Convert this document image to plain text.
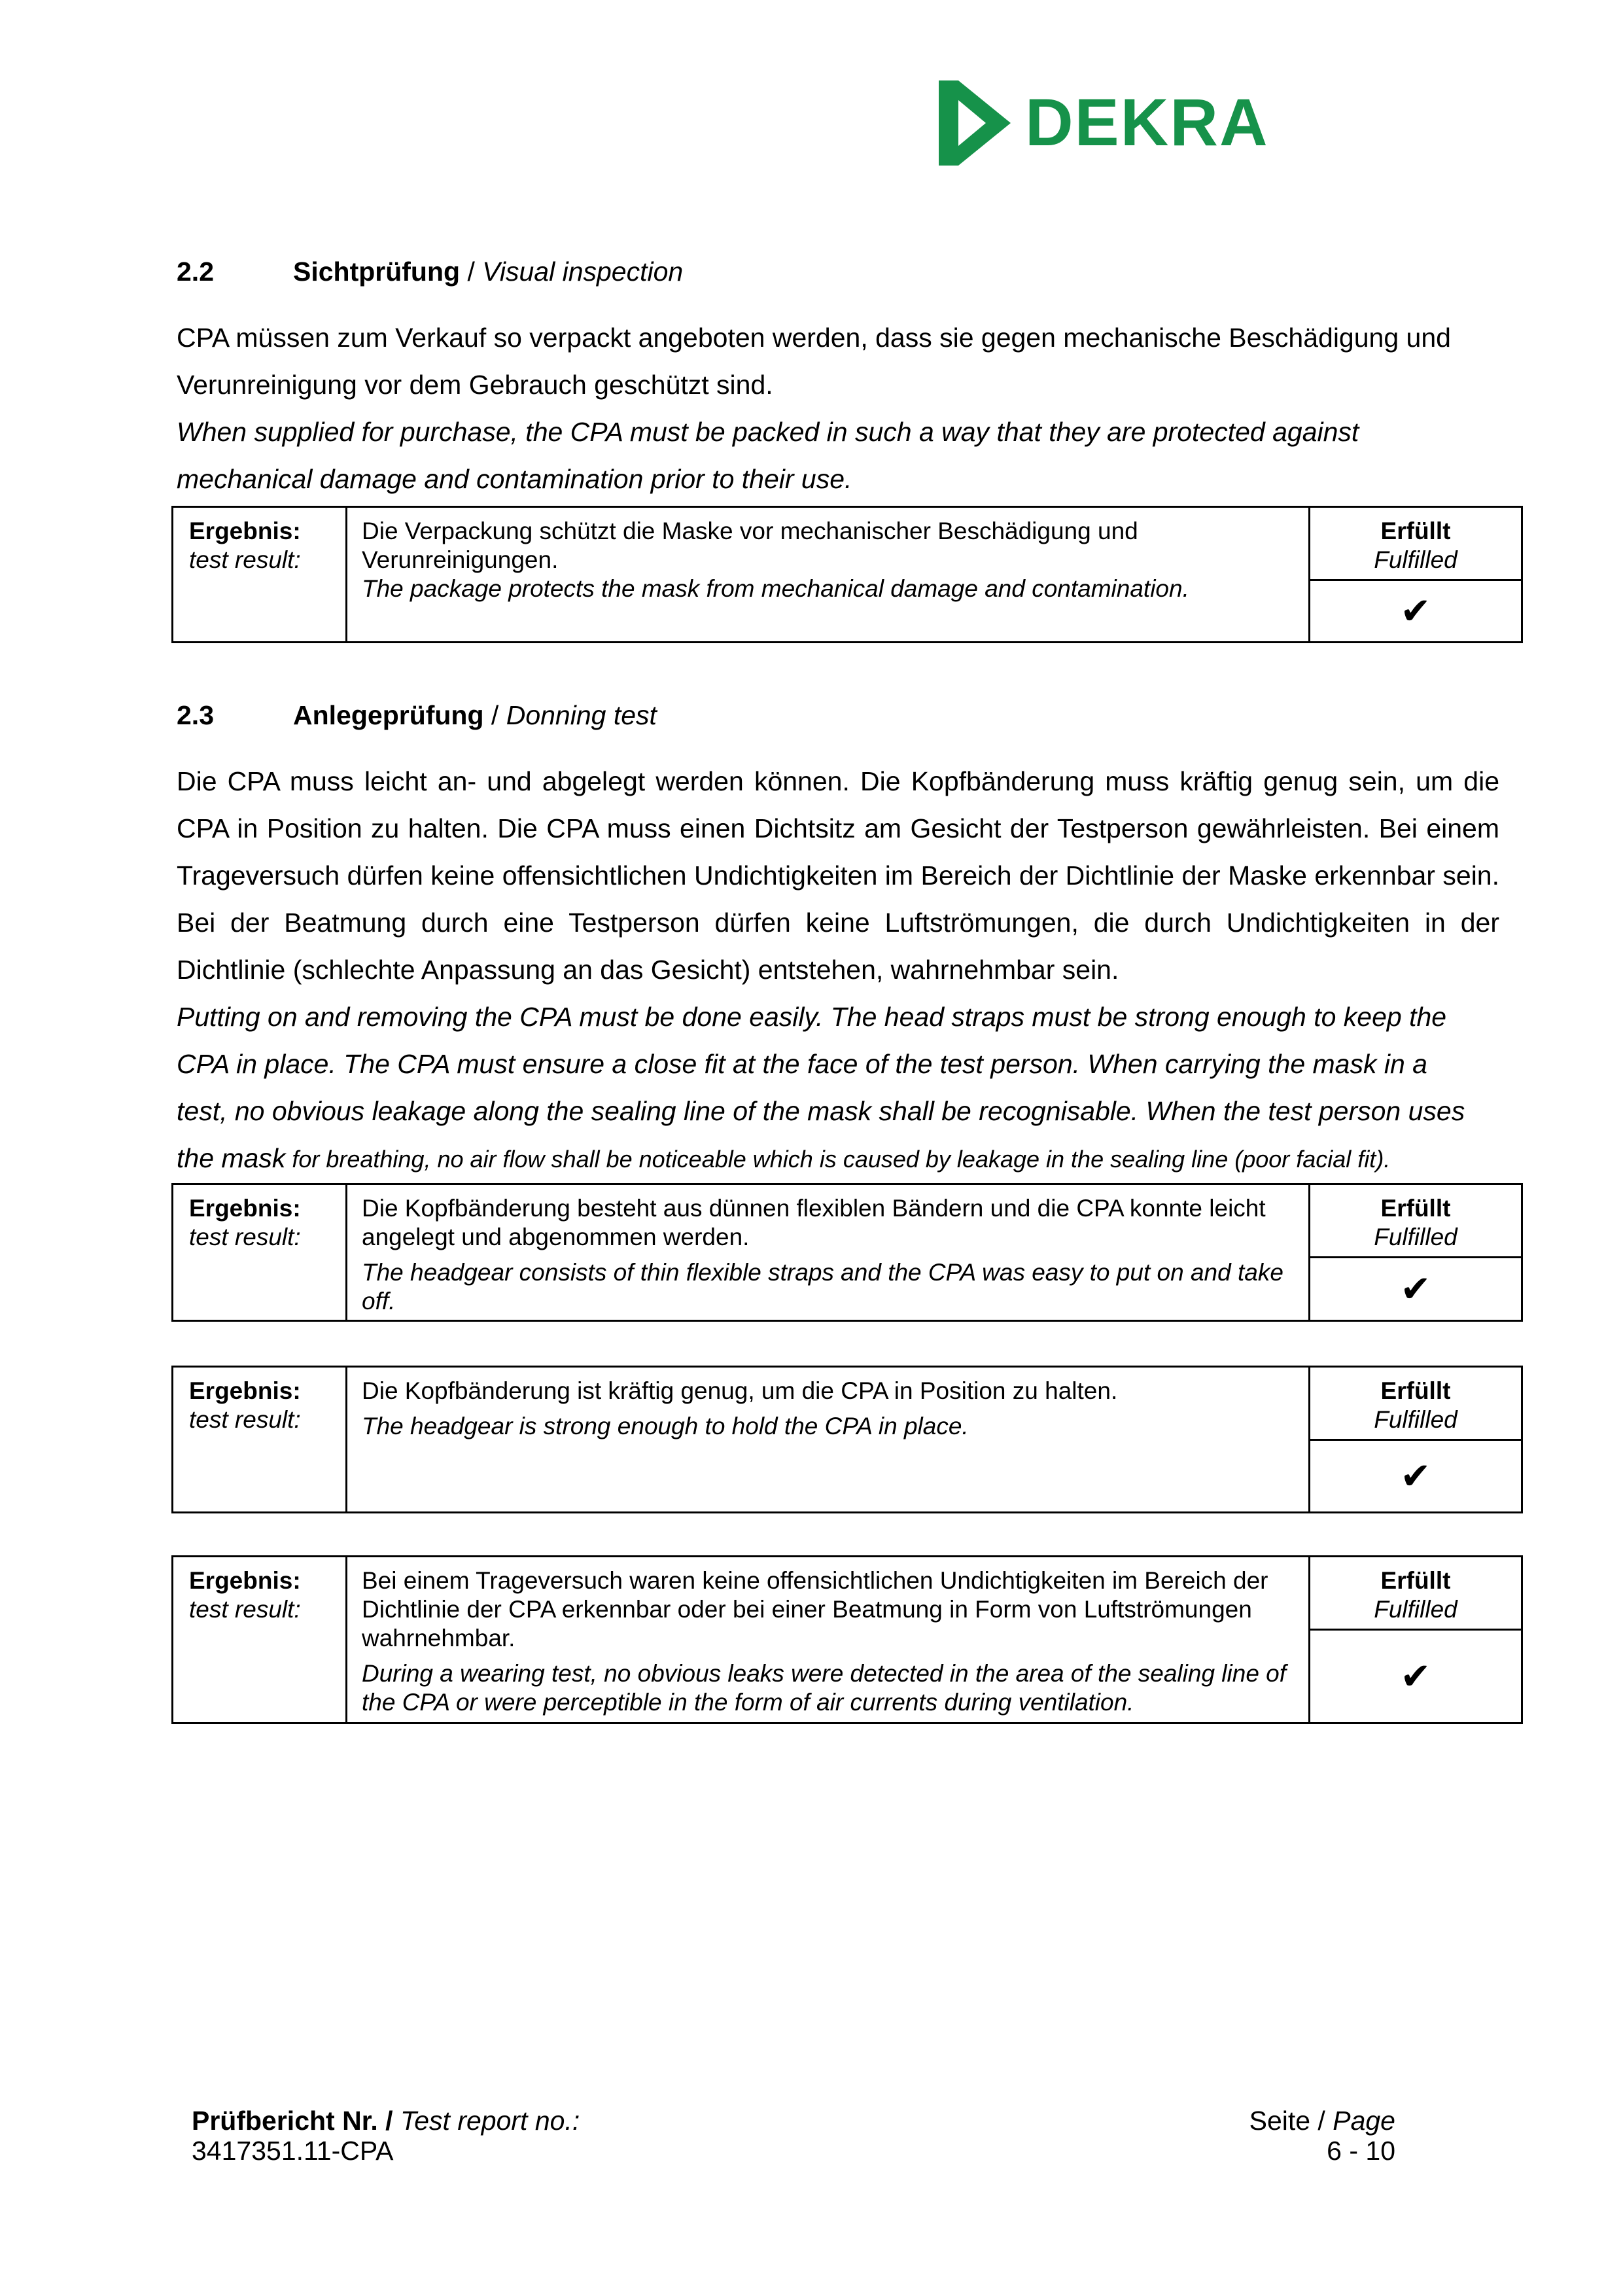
DEKRA
2.2	Sichtprüfung / Visual inspection
CPA müssen zum Verkauf so verpackt angeboten werden, dass sie gegen mechanische Beschädigung und
Verunreinigung vor dem Gebrauch geschützt sind.
When supplied for purchase, the CPA must be packed in such a way that they are protected against
mechanical damage and contamination prior to their use.
Ergebnis:
test result:
Die Verpackung schützt die Maske vor mechanischer Beschädigung und Verunreinigungen.
The package protects the mask from mechanical damage and contamination.
Erfüllt
Fulfilled
✔
2.3	Anlegeprüfung / Donning test
Die CPA muss leicht an- und abgelegt werden können. Die Kopfbänderung muss kräftig genug sein, um die
CPA in Position zu halten. Die CPA muss einen Dichtsitz am Gesicht der Testperson gewährleisten. Bei einem
Trageversuch dürfen keine offensichtlichen Undichtigkeiten im Bereich der Dichtlinie der Maske erkennbar sein.
Bei der Beatmung durch eine Testperson dürfen keine Luftströmungen, die durch Undichtigkeiten in der
Dichtlinie (schlechte Anpassung an das Gesicht) entstehen, wahrnehmbar sein.
Putting on and removing the CPA must be done easily. The head straps must be strong enough to keep the
CPA in place. The CPA must ensure a close fit at the face of the test person. When carrying the mask in a
test, no obvious leakage along the sealing line of the mask shall be recognisable. When the test person uses
the mask for breathing, no air flow shall be noticeable which is caused by leakage in the sealing line (poor facial fit).
Ergebnis:
test result:
Die Kopfbänderung besteht aus dünnen flexiblen Bändern und die CPA konnte leicht angelegt und abgenommen werden.
The headgear consists of thin flexible straps and the CPA was easy to put on and take off.
Erfüllt
Fulfilled
✔
Ergebnis:
test result:
Die Kopfbänderung ist kräftig genug, um die CPA in Position zu halten.
The headgear is strong enough to hold the CPA in place.
Erfüllt
Fulfilled
✔
Ergebnis:
test result:
Bei einem Trageversuch waren keine offensichtlichen Undichtigkeiten im Bereich der Dichtlinie der CPA erkennbar oder bei einer Beatmung in Form von Luftströmungen wahrnehmbar.
During a wearing test, no obvious leaks were detected in the area of the sealing line of the CPA or were perceptible in the form of air currents during ventilation.
Erfüllt
Fulfilled
✔
Prüfbericht Nr. / Test report no.:
3417351.11-CPA
Seite / Page
6 - 10
